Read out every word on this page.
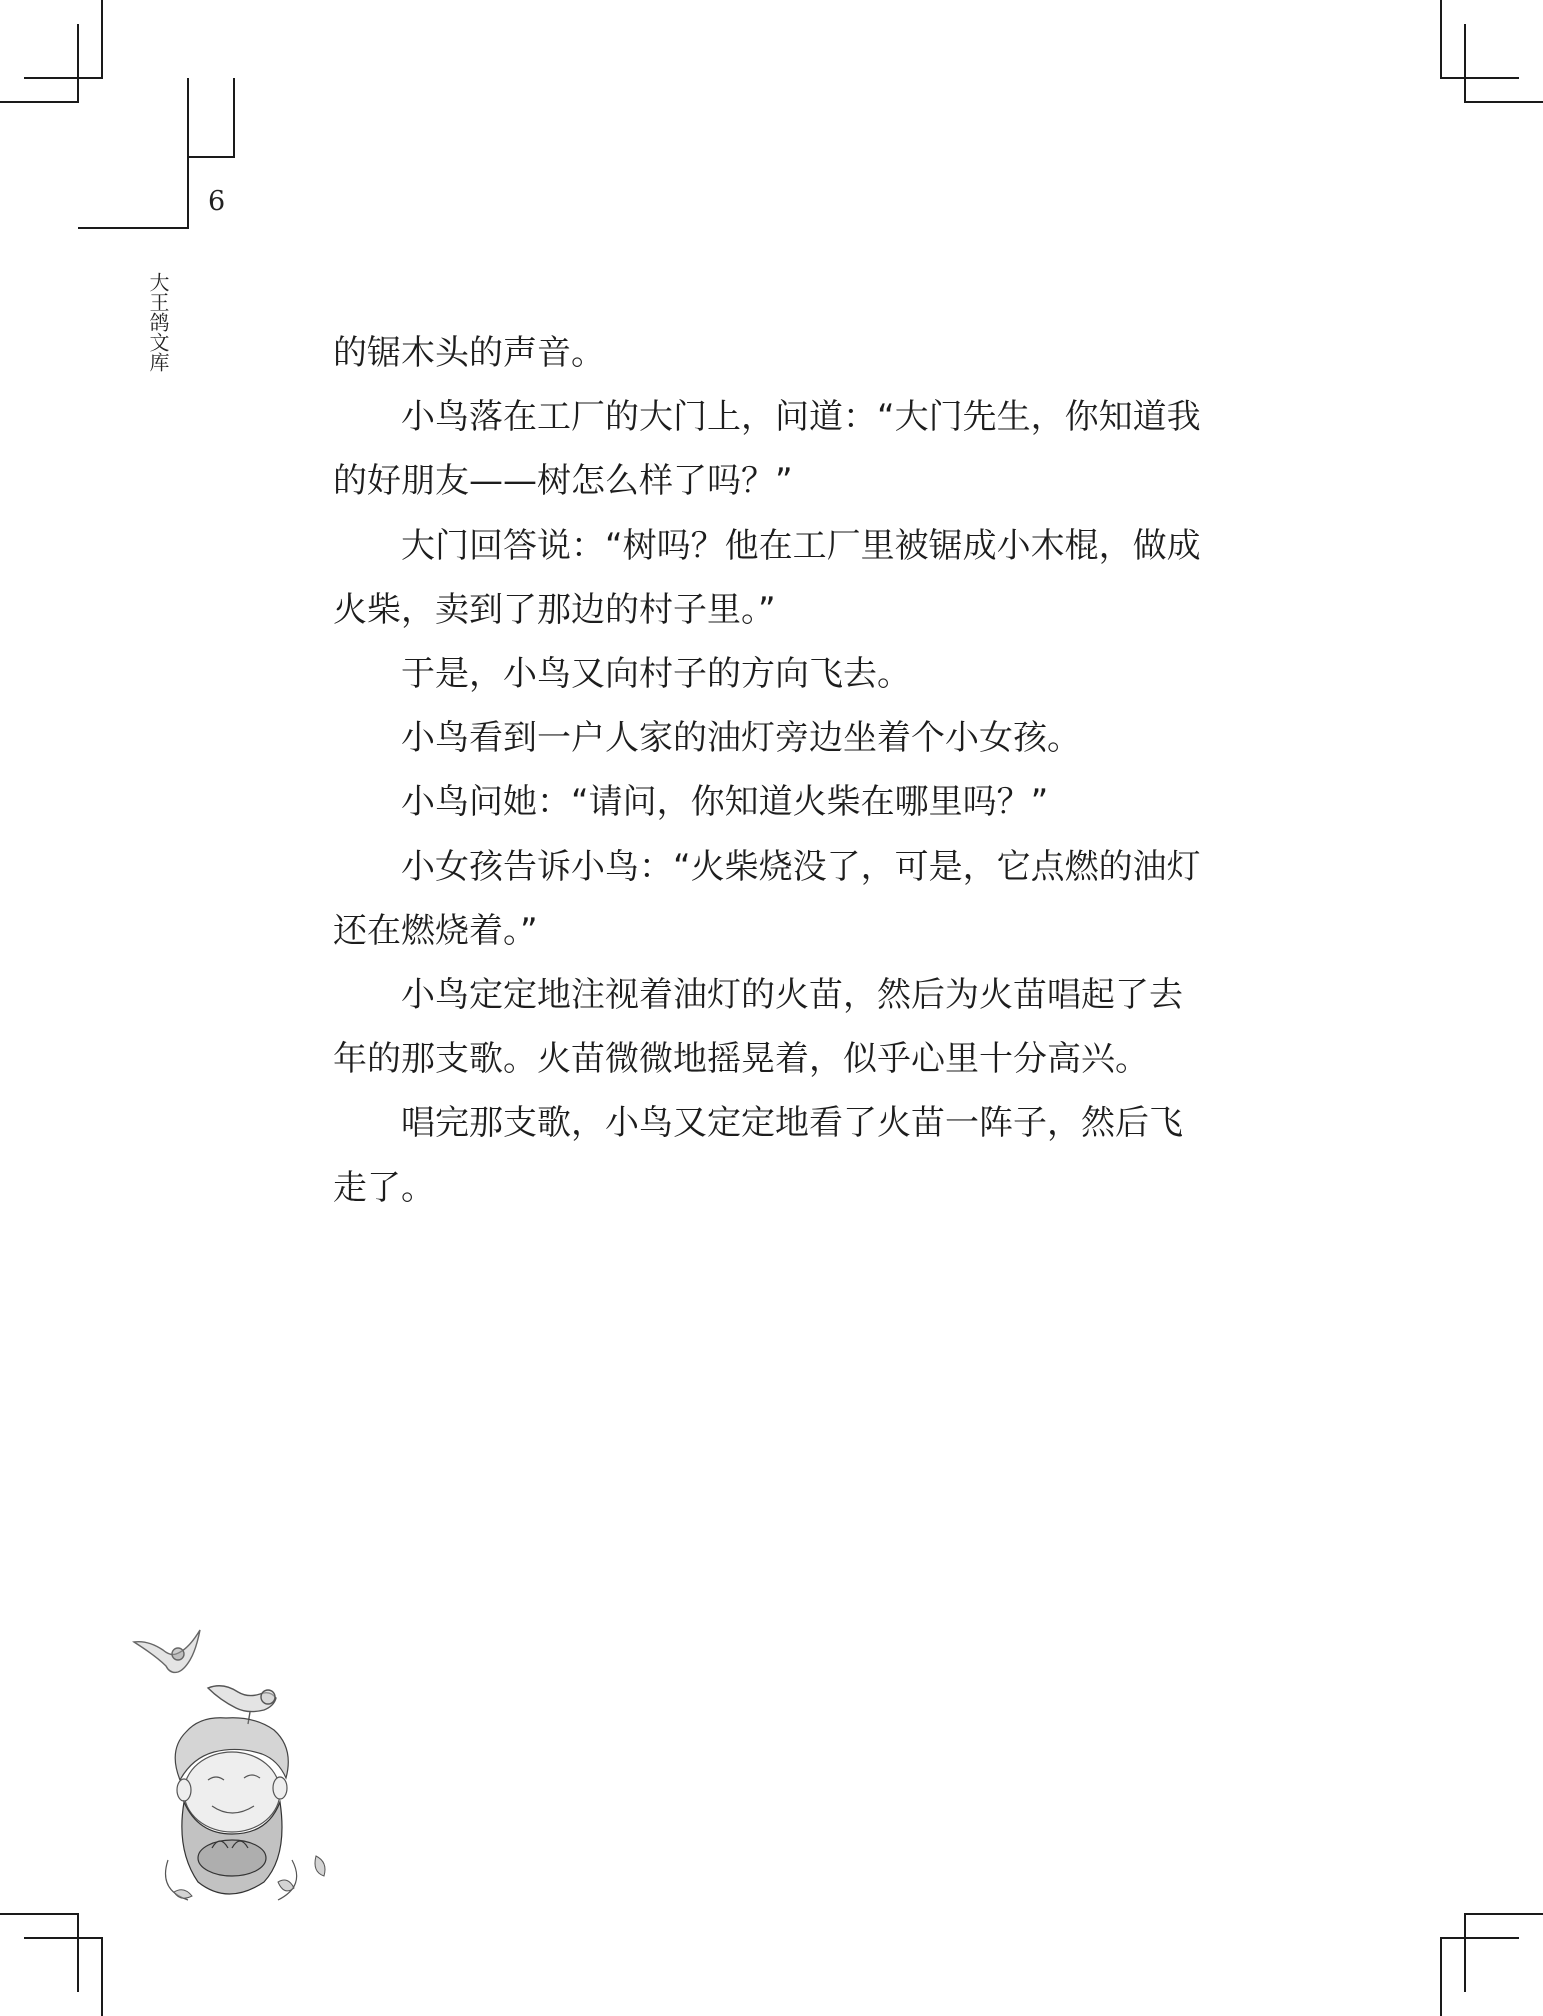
6
大王鸽文库	的锯木头的声音。

　　小鸟落在工厂的大门上，问道：“大门先生，你知道我

的好朋友——树怎么样了吗？”

　　大门回答说：“树吗？他在工厂里被锯成小木棍，做成

火柴，卖到了那边的村子里。”

　　于是，小鸟又向村子的方向飞去。

　　小鸟看到一户人家的油灯旁边坐着个小女孩。

　　小鸟问她：“请问，你知道火柴在哪里吗？”

　　小女孩告诉小鸟：“火柴烧没了，可是，它点燃的油灯

还在燃烧着。”

　　小鸟定定地注视着油灯的火苗，然后为火苗唱起了去

年的那支歌。火苗微微地摇晃着，似乎心里十分高兴。

　　唱完那支歌，小鸟又定定地看了火苗一阵子，然后飞

走了。
